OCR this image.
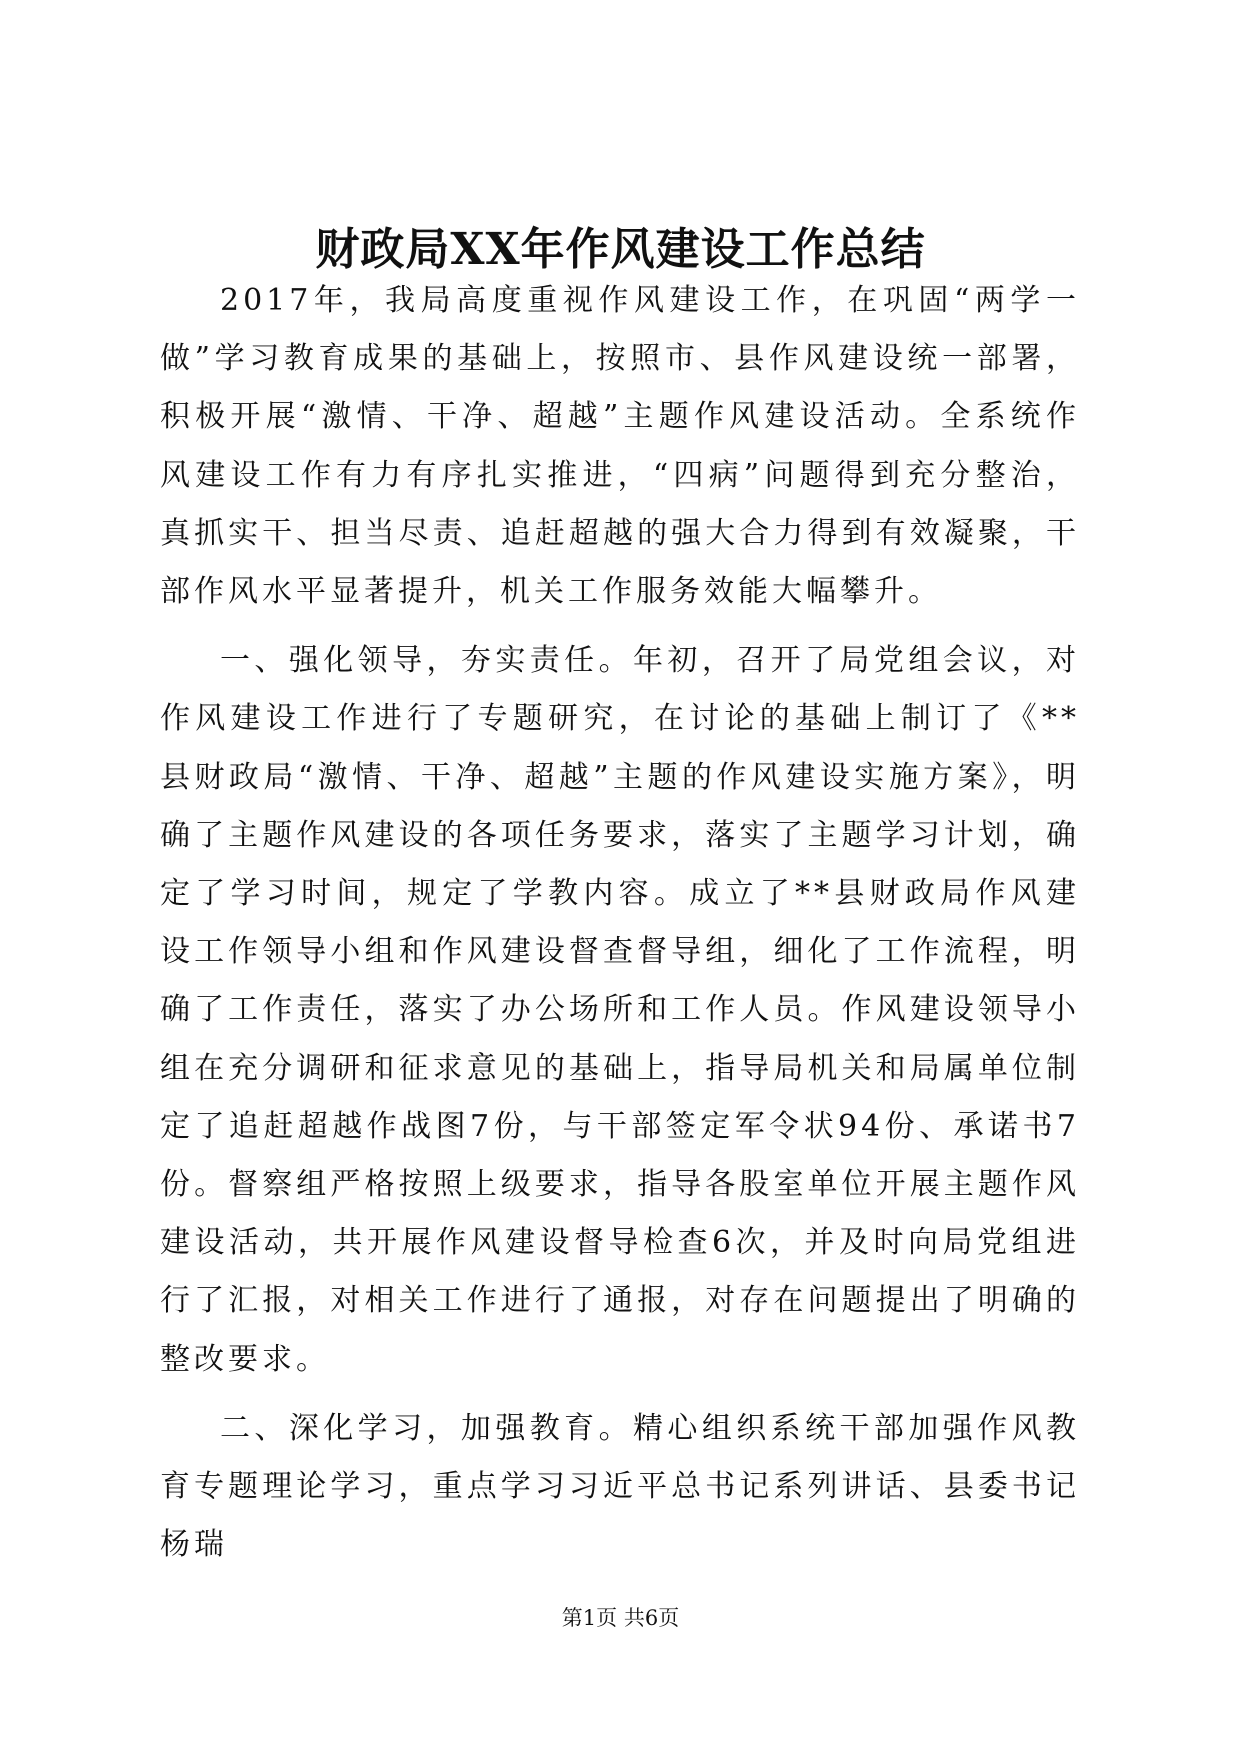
财政局XX年作风建设工作总结

2017年，我局高度重视作风建设工作，在巩固“两学一做”学习教育成果的基础上，按照市、县作风建设统一部署，积极开展“激情、干净、超越”主题作风建设活动。全系统作风建设工作有力有序扎实推进，“四病”问题得到充分整治，真抓实干、担当尽责、追赶超越的强大合力得到有效凝聚，干部作风水平显著提升，机关工作服务效能大幅攀升。

一、强化领导，夯实责任。年初，召开了局党组会议，对作风建设工作进行了专题研究，在讨论的基础上制订了《**县财政局“激情、干净、超越”主题的作风建设实施方案》，明确了主题作风建设的各项任务要求，落实了主题学习计划，确定了学习时间，规定了学教内容。成立了**县财政局作风建设工作领导小组和作风建设督查督导组，细化了工作流程，明确了工作责任，落实了办公场所和工作人员。作风建设领导小组在充分调研和征求意见的基础上，指导局机关和局属单位制定了追赶超越作战图7份，与干部签定军令状94份、承诺书7份。督察组严格按照上级要求，指导各股室单位开展主题作风建设活动，共开展作风建设督导检查6次，并及时向局党组进行了汇报，对相关工作进行了通报，对存在问题提出了明确的整改要求。

二、深化学习，加强教育。精心组织系统干部加强作风教育专题理论学习，重点学习习近平总书记系列讲话、县委书记杨瑞

第1页 共6页
